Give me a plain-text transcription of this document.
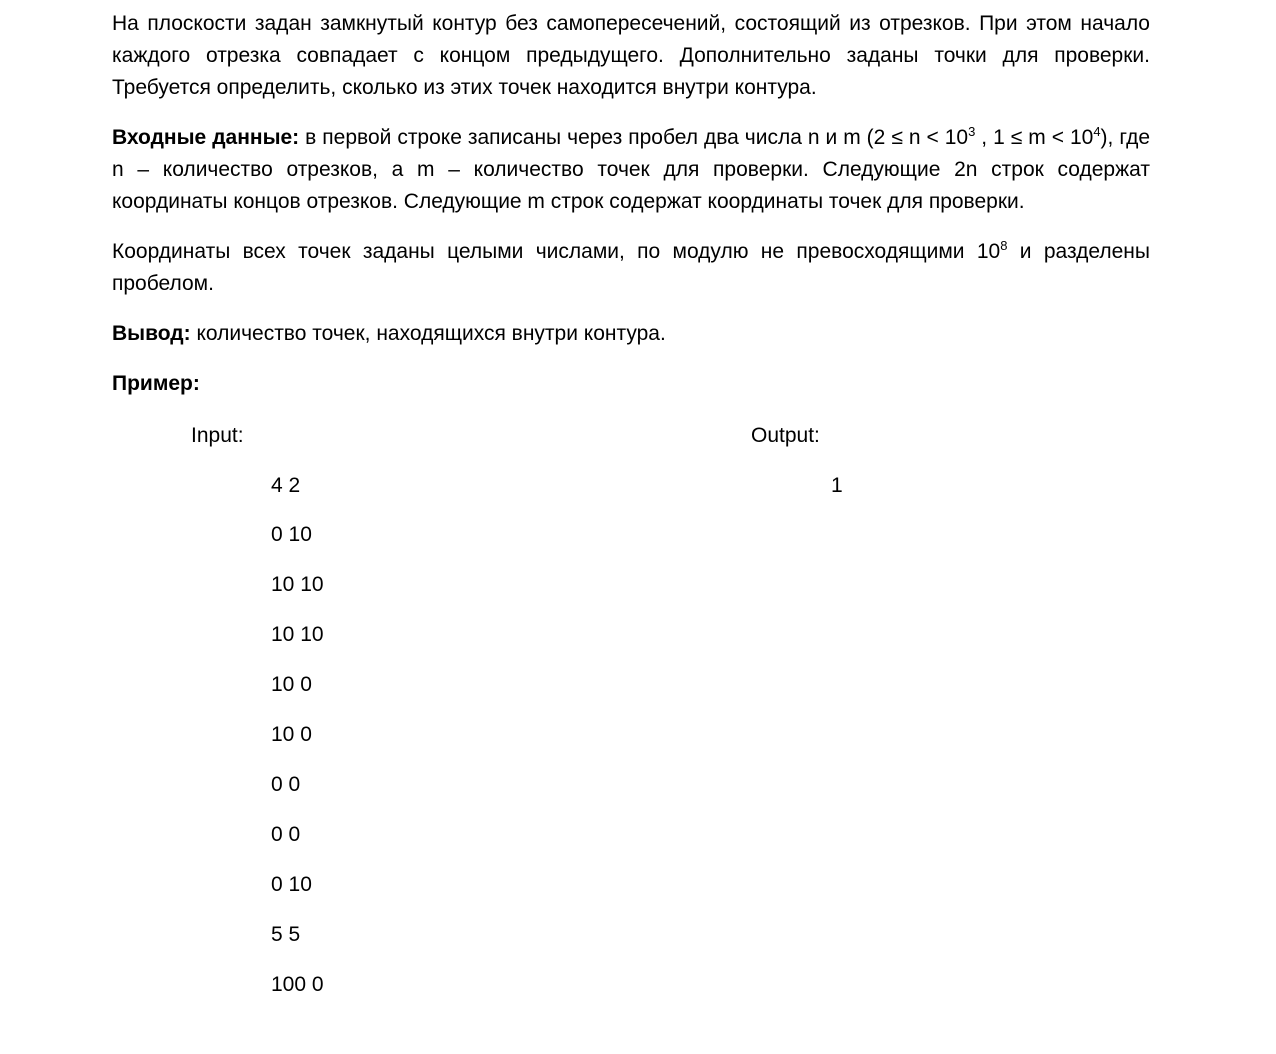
На плоскости задан замкнутый контур без самопересечений, состоящий из отрезков. При этом начало каждого отрезка совпадает с концом предыдущего. Дополнительно заданы точки для проверки. Требуется определить, сколько из этих точек находится внутри контура.

Входные данные: в первой строке записаны через пробел два числа n и m ($2 \le n < 10^3$ , $1 \le m < 10^4$), где n – количество отрезков, а m – количество точек для проверки. Следующие 2n строк содержат координаты концов отрезков. Следующие m строк содержат координаты точек для проверки.

Координаты всех точек заданы целыми числами, по модулю не превосходящими $10^8$ и разделены пробелом.

Вывод: количество точек, находящихся внутри контура.

Пример:

Input:	Output:
4 2
0 10
10 10
10 10
10 0
10 0
0 0
0 0
0 10
5 5
100 0
1
